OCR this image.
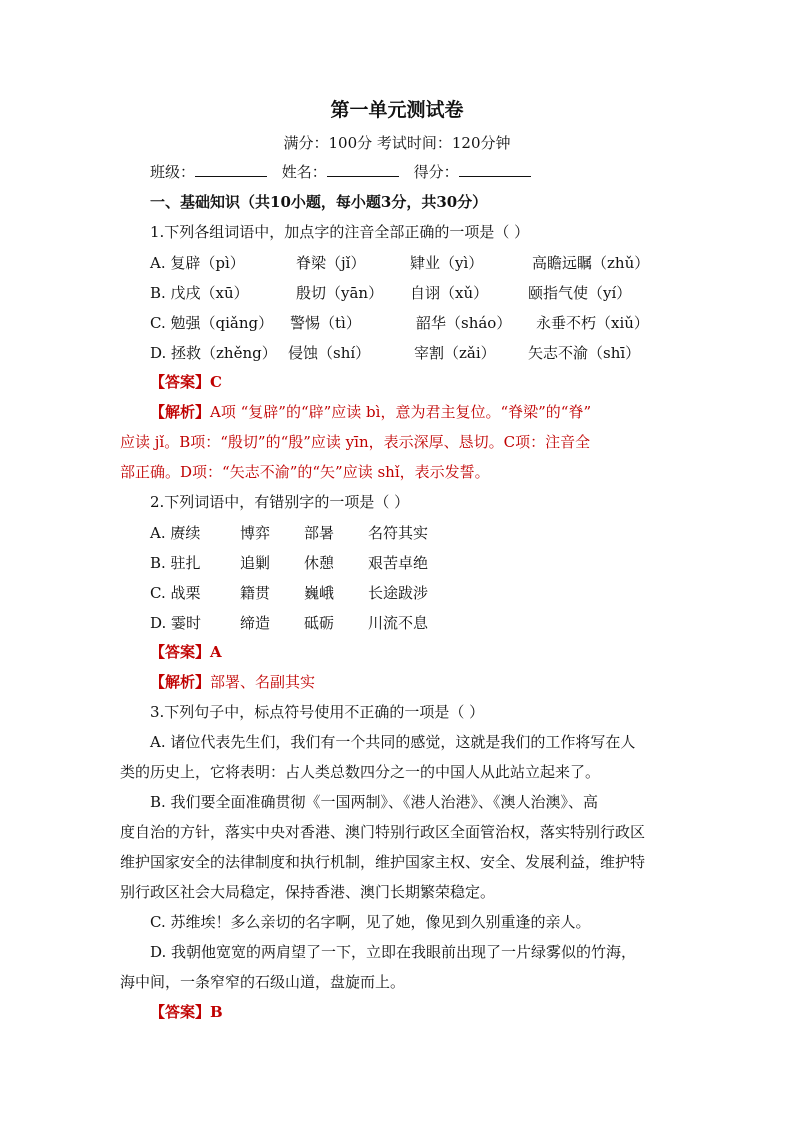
第一单元测试卷
满分：100分 考试时间：120分钟
班级：	姓名：	得分：
一、基础知识（共10小题，每小题3分，共30分）
1.下列各组词语中，加点字的注音全部正确的一项是（ ）
A. 复辟（pì）	脊梁（jǐ）	肄业（yì）	高瞻远瞩（zhǔ）
B. 戊戌（xū）	殷切（yān） 自诩（xǔ）	颐指气使（yí）
C. 勉强（qiǎng） 警惕（tì）	韶华（sháo） 永垂不朽（xiǔ）
D. 拯救（zhěng） 侵蚀（shí）	宰割（zǎi） 矢志不渝（shī）
【答案】C
【解析】A项 “复辟”的“辟”应读 bì，意为君主复位。“脊梁”的“脊”
应读 jǐ。B项：“殷切”的“殷”应读 yīn，表示深厚、恳切。C项：注音全
部正确。D项：“矢志不渝”的“矢”应读 shǐ，表示发誓。
2.下列词语中，有错别字的一项是（ ）
A. 赓续	博弈 部暑 名符其实
B. 驻扎	追剿 休憩 艰苦卓绝
C. 战栗	籍贯 巍峨 长途跋涉
D. 霎时	缔造 砥砺 川流不息
【答案】A
【解析】部署、名副其实
3.下列句子中，标点符号使用不正确的一项是（ ）
A. 诸位代表先生们，我们有一个共同的感觉，这就是我们的工作将写在人
类的历史上，它将表明：占人类总数四分之一的中国人从此站立起来了。
B. 我们要全面准确贯彻《一国两制》、《港人治港》、《澳人治澳》、高
度自治的方针，落实中央对香港、澳门特别行政区全面管治权，落实特别行政区
维护国家安全的法律制度和执行机制，维护国家主权、安全、发展利益，维护特
别行政区社会大局稳定，保持香港、澳门长期繁荣稳定。
C. 苏维埃！多么亲切的名字啊，见了她，像见到久别重逢的亲人。
D. 我朝他宽宽的两肩望了一下，立即在我眼前出现了一片绿雾似的竹海，
海中间，一条窄窄的石级山道，盘旋而上。
【答案】B
